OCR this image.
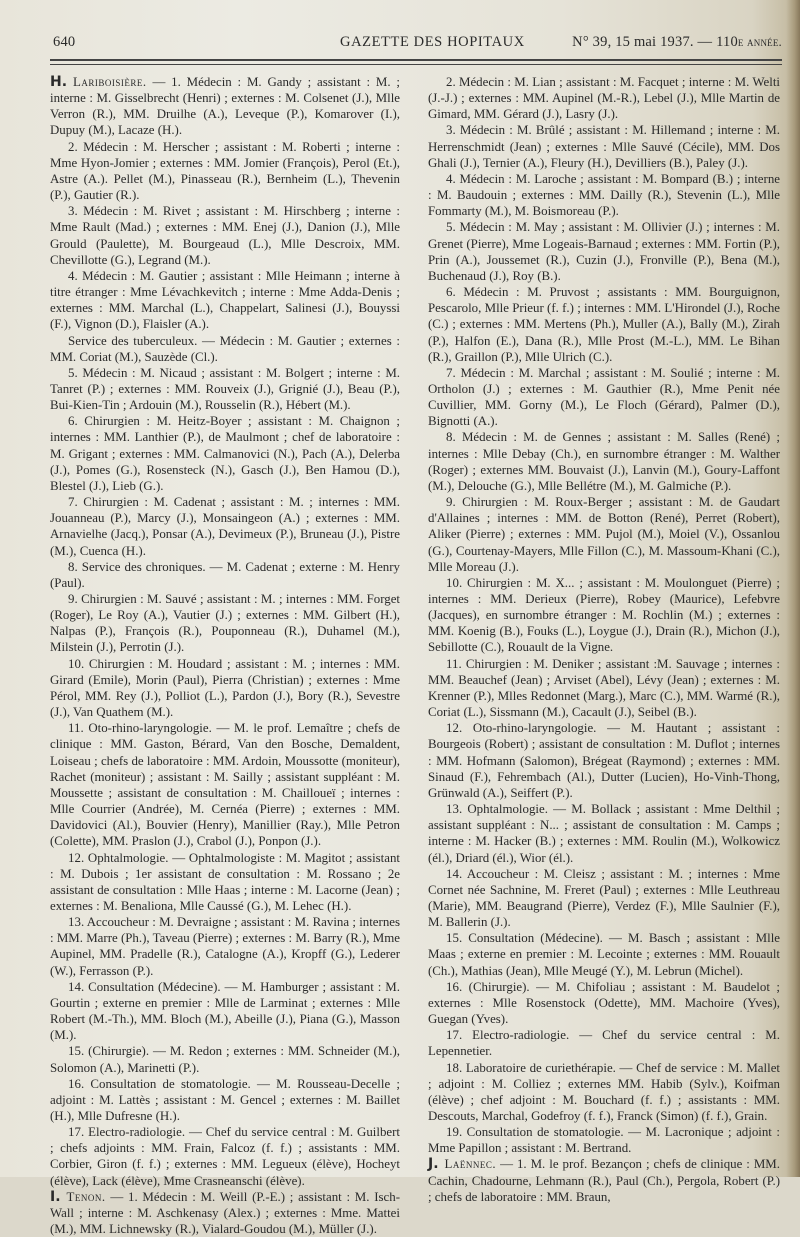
640	GAZETTE DES HOPITAUX	N° 39, 15 mai 1937. — 110e année.

H. Lariboisière. — 1. Médecin : M. Gandy ; assistant : M. ; interne : M. Gisselbrecht (Henri) ; externes : M. Colsenet (J.), Mlle Verron (R.), MM. Druilhe (A.), Leveque (P.), Komarover (I.), Dupuy (M.), Lacaze (H.).

2. Médecin : M. Herscher ; assistant : M. Roberti ; interne : Mme Hyon-Jomier ; externes : MM. Jomier (François), Perol (Et.), Astre (A.). Pellet (M.), Pinasseau (R.), Bernheim (L.), Thevenin (P.), Gautier (R.).

3. Médecin : M. Rivet ; assistant : M. Hirschberg ; interne : Mme Rault (Mad.) ; externes : MM. Enej (J.), Danion (J.), Mlle Grould (Paulette), M. Bourgeaud (L.), Mlle Descroix, MM. Chevillotte (G.), Legrand (M.).

4. Médecin : M. Gautier ; assistant : Mlle Heimann ; interne à titre étranger : Mme Lévachkevitch ; interne : Mme Adda-Denis ; externes : MM. Marchal (L.), Chappelart, Salinesi (J.), Bouyssi (F.), Vignon (D.), Flaisler (A.).

Service des tuberculeux. — Médecin : M. Gautier ; externes : MM. Coriat (M.), Sauzède (Cl.).

5. Médecin : M. Nicaud ; assistant : M. Bolgert ; interne : M. Tanret (P.) ; externes : MM. Rouveix (J.), Grignié (J.), Beau (P.), Bui-Kien-Tin ; Ardouin (M.), Rousselin (R.), Hébert (M.).

6. Chirurgien : M. Heitz-Boyer ; assistant : M. Chaignon ; internes : MM. Lanthier (P.), de Maulmont ; chef de laboratoire : M. Grigant ; externes : MM. Calmanovici (N.), Pach (A.), Delerba (J.), Pomes (G.), Rosensteck (N.), Gasch (J.), Ben Hamou (D.), Blestel (J.), Lieb (G.).

7. Chirurgien : M. Cadenat ; assistant : M. ; internes : MM. Jouanneau (P.), Marcy (J.), Monsaingeon (A.) ; externes : MM. Arnavielhe (Jacq.), Ponsar (A.), Devimeux (P.), Bruneau (J.), Pistre (M.), Cuenca (H.).

8. Service des chroniques. — M. Cadenat ; externe : M. Henry (Paul).

9. Chirurgien : M. Sauvé ; assistant : M. ; internes : MM. Forget (Roger), Le Roy (A.), Vautier (J.) ; externes : MM. Gilbert (H.), Nalpas (P.), François (R.), Pouponneau (R.), Duhamel (M.), Milstein (J.), Perrotin (J.).

10. Chirurgien : M. Houdard ; assistant : M. ; internes : MM. Girard (Emile), Morin (Paul), Pierra (Christian) ; externes : Mme Pérol, MM. Rey (J.), Polliot (L.), Pardon (J.), Bory (R.), Sevestre (J.), Van Quathem (M.).

11. Oto-rhino-laryngologie. — M. le prof. Lemaître ; chefs de clinique : MM. Gaston, Bérard, Van den Bosche, Demaldent, Loiseau ; chefs de laboratoire : MM. Ardoin, Moussotte (moniteur), Rachet (moniteur) ; assistant : M. Sailly ; assistant suppléant : M. Moussette ; assistant de consultation : M. Chailloueï ; internes : Mlle Courrier (Andrée), M. Cernéa (Pierre) ; externes : MM. Davidovici (Al.), Bouvier (Henry), Manillier (Ray.), Mlle Petron (Colette), MM. Praslon (J.), Crabol (J.), Ponpon (J.).

12. Ophtalmologie. — Ophtalmologiste : M. Magitot ; assistant : M. Dubois ; 1er assistant de consultation : M. Rossano ; 2e assistant de consultation : Mlle Haas ; interne : M. Lacorne (Jean) ; externes : M. Benaliona, Mlle Caussé (G.), M. Lehec (H.).

13. Accoucheur : M. Devraigne ; assistant : M. Ravina ; internes : MM. Marre (Ph.), Taveau (Pierre) ; externes : M. Barry (R.), Mme Aupinel, MM. Pradelle (R.), Catalogne (A.), Kropff (G.), Lederer (W.), Ferrasson (P.).

14. Consultation (Médecine). — M. Hamburger ; assistant : M. Gourtin ; externe en premier : Mlle de Larminat ; externes : Mlle Robert (M.-Th.), MM. Bloch (M.), Abeille (J.), Piana (G.), Masson (M.).

15. (Chirurgie). — M. Redon ; externes : MM. Schneider (M.), Solomon (A.), Marinetti (P.).

16. Consultation de stomatologie. — M. Rousseau-Decelle ; adjoint : M. Lattès ; assistant : M. Gencel ; externes : M. Baillet (H.), Mlle Dufresne (H.).

17. Electro-radiologie. — Chef du service central : M. Guilbert ; chefs adjoints : MM. Frain, Falcoz (f. f.) ; assistants : MM. Corbier, Giron (f. f.) ; externes : MM. Legueux (élève), Hocheyt (élève), Lack (élève), Mme Crasneanschi (élève).

I. Tenon. — 1. Médecin : M. Weill (P.-E.) ; assistant : M. Isch-Wall ; interne : M. Aschkenasy (Alex.) ; externes : Mme. Mattei (M.), MM. Lichnewsky (R.), Vialard-Goudou (M.), Müller (J.).

2. Médecin : M. Lian ; assistant : M. Facquet ; interne : M. Welti (J.-J.) ; externes : MM. Aupinel (M.-R.), Lebel (J.), Mlle Martin de Gimard, MM. Gérard (J.), Lasry (J.).

3. Médecin : M. Brûlé ; assistant : M. Hillemand ; interne : M. Herrenschmidt (Jean) ; externes : Mlle Sauvé (Cécile), MM. Dos Ghali (J.), Ternier (A.), Fleury (H.), Devilliers (B.), Paley (J.).

4. Médecin : M. Laroche ; assistant : M. Bompard (B.) ; interne : M. Baudouin ; externes : MM. Dailly (R.), Stevenin (L.), Mlle Fommarty (M.), M. Boismoreau (P.).

5. Médecin : M. May ; assistant : M. Ollivier (J.) ; internes : M. Grenet (Pierre), Mme Logeais-Barnaud ; externes : MM. Fortin (P.), Prin (A.), Joussemet (R.), Cuzin (J.), Fronville (P.), Bena (M.), Buchenaud (J.), Roy (B.).

6. Médecin : M. Pruvost ; assistants : MM. Bourguignon, Pescarolo, Mlle Prieur (f. f.) ; internes : MM. L'Hirondel (J.), Roche (C.) ; externes : MM. Mertens (Ph.), Muller (A.), Bally (M.), Zirah (P.), Halfon (E.), Dana (R.), Mlle Prost (M.-L.), MM. Le Bihan (R.), Graillon (P.), Mlle Ulrich (C.).

7. Médecin : M. Marchal ; assistant : M. Soulié ; interne : M. Ortholon (J.) ; externes : M. Gauthier (R.), Mme Penit née Cuvillier, MM. Gorny (M.), Le Floch (Gérard), Palmer (D.), Bignotti (A.).

8. Médecin : M. de Gennes ; assistant : M. Salles (René) ; internes : Mlle Debay (Ch.), en surnombre étranger : M. Walther (Roger) ; externes MM. Bouvaist (J.), Lanvin (M.), Goury-Laffont (M.), Delouche (G.), Mlle Bellétre (M.), M. Galmiche (P.).

9. Chirurgien : M. Roux-Berger ; assistant : M. de Gaudart d'Allaines ; internes : MM. de Botton (René), Perret (Robert), Aliker (Pierre) ; externes : MM. Pujol (M.), Moiel (V.), Ossanlou (G.), Courtenay-Mayers, Mlle Fillon (C.), M. Massoum-Khani (C.), Mlle Moreau (J.).

10. Chirurgien : M. X... ; assistant : M. Moulonguet (Pierre) ; internes : MM. Derieux (Pierre), Robey (Maurice), Lefebvre (Jacques), en surnombre étranger : M. Rochlin (M.) ; externes : MM. Koenig (B.), Fouks (L.), Loygue (J.), Drain (R.), Michon (J.), Sebillotte (C.), Rouault de la Vigne.

11. Chirurgien : M. Deniker ; assistant :M. Sauvage ; internes : MM. Beauchef (Jean) ; Arviset (Abel), Lévy (Jean) ; externes : M. Krenner (P.), Mlles Redonnet (Marg.), Marc (C.), MM. Warmé (R.), Coriat (L.), Sissmann (M.), Cacault (J.), Seibel (B.).

12. Oto-rhino-laryngologie. — M. Hautant ; assistant : Bourgeois (Robert) ; assistant de consultation : M. Duflot ; internes : MM. Hofmann (Salomon), Brégeat (Raymond) ; externes : MM. Sinaud (F.), Fehrembach (Al.), Dutter (Lucien), Ho-Vinh-Thong, Grünwald (A.), Seiffert (P.).

13. Ophtalmologie. — M. Bollack ; assistant : Mme Delthil ; assistant suppléant : N... ; assistant de consultation : M. Camps ; interne : M. Hacker (B.) ; externes : MM. Roulin (M.), Wolkowicz (él.), Driard (él.), Wior (él.).

14. Accoucheur : M. Cleisz ; assistant : M. ; internes : Mme Cornet née Sachnine, M. Freret (Paul) ; externes : Mlle Leuthreau (Marie), MM. Beaugrand (Pierre), Verdez (F.), Mlle Saulnier (F.), M. Ballerin (J.).

15. Consultation (Médecine). — M. Basch ; assistant : Mlle Maas ; externe en premier : M. Lecointe ; externes : MM. Rouault (Ch.), Mathias (Jean), Mlle Meugé (Y.), M. Lebrun (Michel).

16. (Chirurgie). — M. Chifoliau ; assistant : M. Baudelot ; externes : Mlle Rosenstock (Odette), MM. Machoire (Yves), Guegan (Yves).

17. Electro-radiologie. — Chef du service central : M. Lepennetier.

18. Laboratoire de curiethérapie. — Chef de service : M. Mallet ; adjoint : M. Colliez ; externes MM. Habib (Sylv.), Koifman (élève) ; chef adjoint : M. Bouchard (f. f.) ; assistants : MM. Descouts, Marchal, Godefroy (f. f.), Franck (Simon) (f. f.), Grain.

19. Consultation de stomatologie. — M. Lacronique ; adjoint : Mme Papillon ; assistant : M. Bertrand.

J. Laënnec. — 1. M. le prof. Bezançon ; chefs de clinique : MM. Cachin, Chadourne, Lehmann (R.), Paul (Ch.), Pergola, Robert (P.) ; chefs de laboratoire : MM. Braun,
